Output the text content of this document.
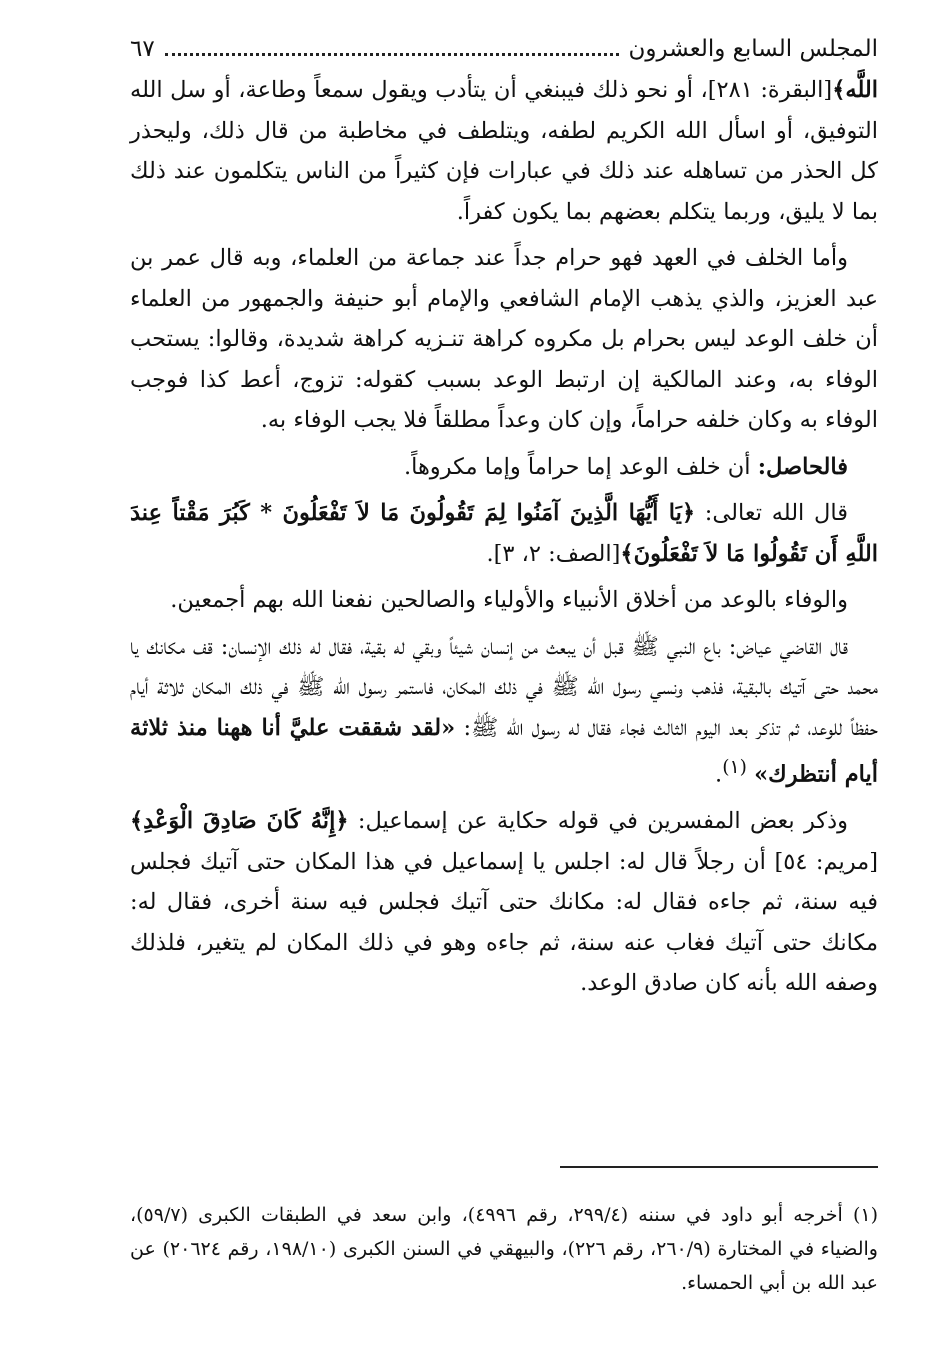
المجلس السابع والعشرون
٦٧

اللَّه﴾[البقرة: ٢٨١]، أو نحو ذلك فيبنغي أن يتأدب ويقول سمعاً وطاعة، أو سل الله التوفيق، أو اسأل الله الكريم لطفه، ويتلطف في مخاطبة من قال ذلك، وليحذر كل الحذر من تساهله عند ذلك في عبارات فإن كثيراً من الناس يتكلمون عند ذلك بما لا يليق، وربما يتكلم بعضهم بما يكون كفراً.

وأما الخلف في العهد فهو حرام جداً عند جماعة من العلماء، وبه قال عمر بن عبد العزيز، والذي يذهب الإمام الشافعي والإمام أبو حنيفة والجمهور من العلماء أن خلف الوعد ليس بحرام بل مكروه كراهة تنـزيه كراهة شديدة، وقالوا: يستحب الوفاء به، وعند المالكية إن ارتبط الوعد بسبب كقوله: تزوج، أعط كذا فوجب الوفاء به وكان خلفه حراماً، وإن كان وعداً مطلقاً فلا يجب الوفاء به.

فالحاصل: أن خلف الوعد إما حراماً وإما مكروهاً.

قال الله تعالى: ﴿يَا أَيُّهَا الَّذِينَ آمَنُوا لِمَ تَقُولُونَ مَا لاَ تَفْعَلُونَ * كَبُرَ مَقْتاً عِندَ اللَّهِ أَن تَقُولُوا مَا لاَ تَفْعَلُونَ﴾[الصف: ٢، ٣].

والوفاء بالوعد من أخلاق الأنبياء والأولياء والصالحين نفعنا الله بهم أجمعين.

قال القاضي عياض: باع النبي ﷺ قبل أن يبعث من إنسان شيئاً وبقي له بقية، فقال له ذلك الإنسان: قف مكانك يا محمد حتى آتيك بالبقية، فذهب ونسي رسول الله ﷺ في ذلك المكان، فاستمر رسول الله ﷺ في ذلك المكان ثلاثة أيام حفظاً للوعد، ثم تذكر بعد اليوم الثالث فجاء فقال له رسول الله ﷺ: «لقد شققت عليَّ أنا ههنا منذ ثلاثة أيام أنتظرك» $^{(١)}$.

وذكر بعض المفسرين في قوله حكاية عن إسماعيل: ﴿إِنَّهُ كَانَ صَادِقَ الْوَعْدِ﴾[مريم: ٥٤] أن رجلاً قال له: اجلس يا إسماعيل في هذا المكان حتى آتيك فجلس فيه سنة، ثم جاءه فقال له: مكانك حتى آتيك فجلس فيه سنة أخرى، فقال له: مكانك حتى آتيك فغاب عنه سنة، ثم جاءه وهو في ذلك المكان لم يتغير، فلذلك وصفه الله بأنه كان صادق الوعد.

(١) أخرجه أبو داود في سننه (٢٩٩/٤، رقم ٤٩٩٦)، وابن سعد في الطبقات الكبرى (٥٩/٧)، والضياء في المختارة (٢٦٠/٩، رقم ٢٢٦)، والبيهقي في السنن الكبرى (١٩٨/١٠، رقم ٢٠٦٢٤) عن عبد الله بن أبي الحمساء.
